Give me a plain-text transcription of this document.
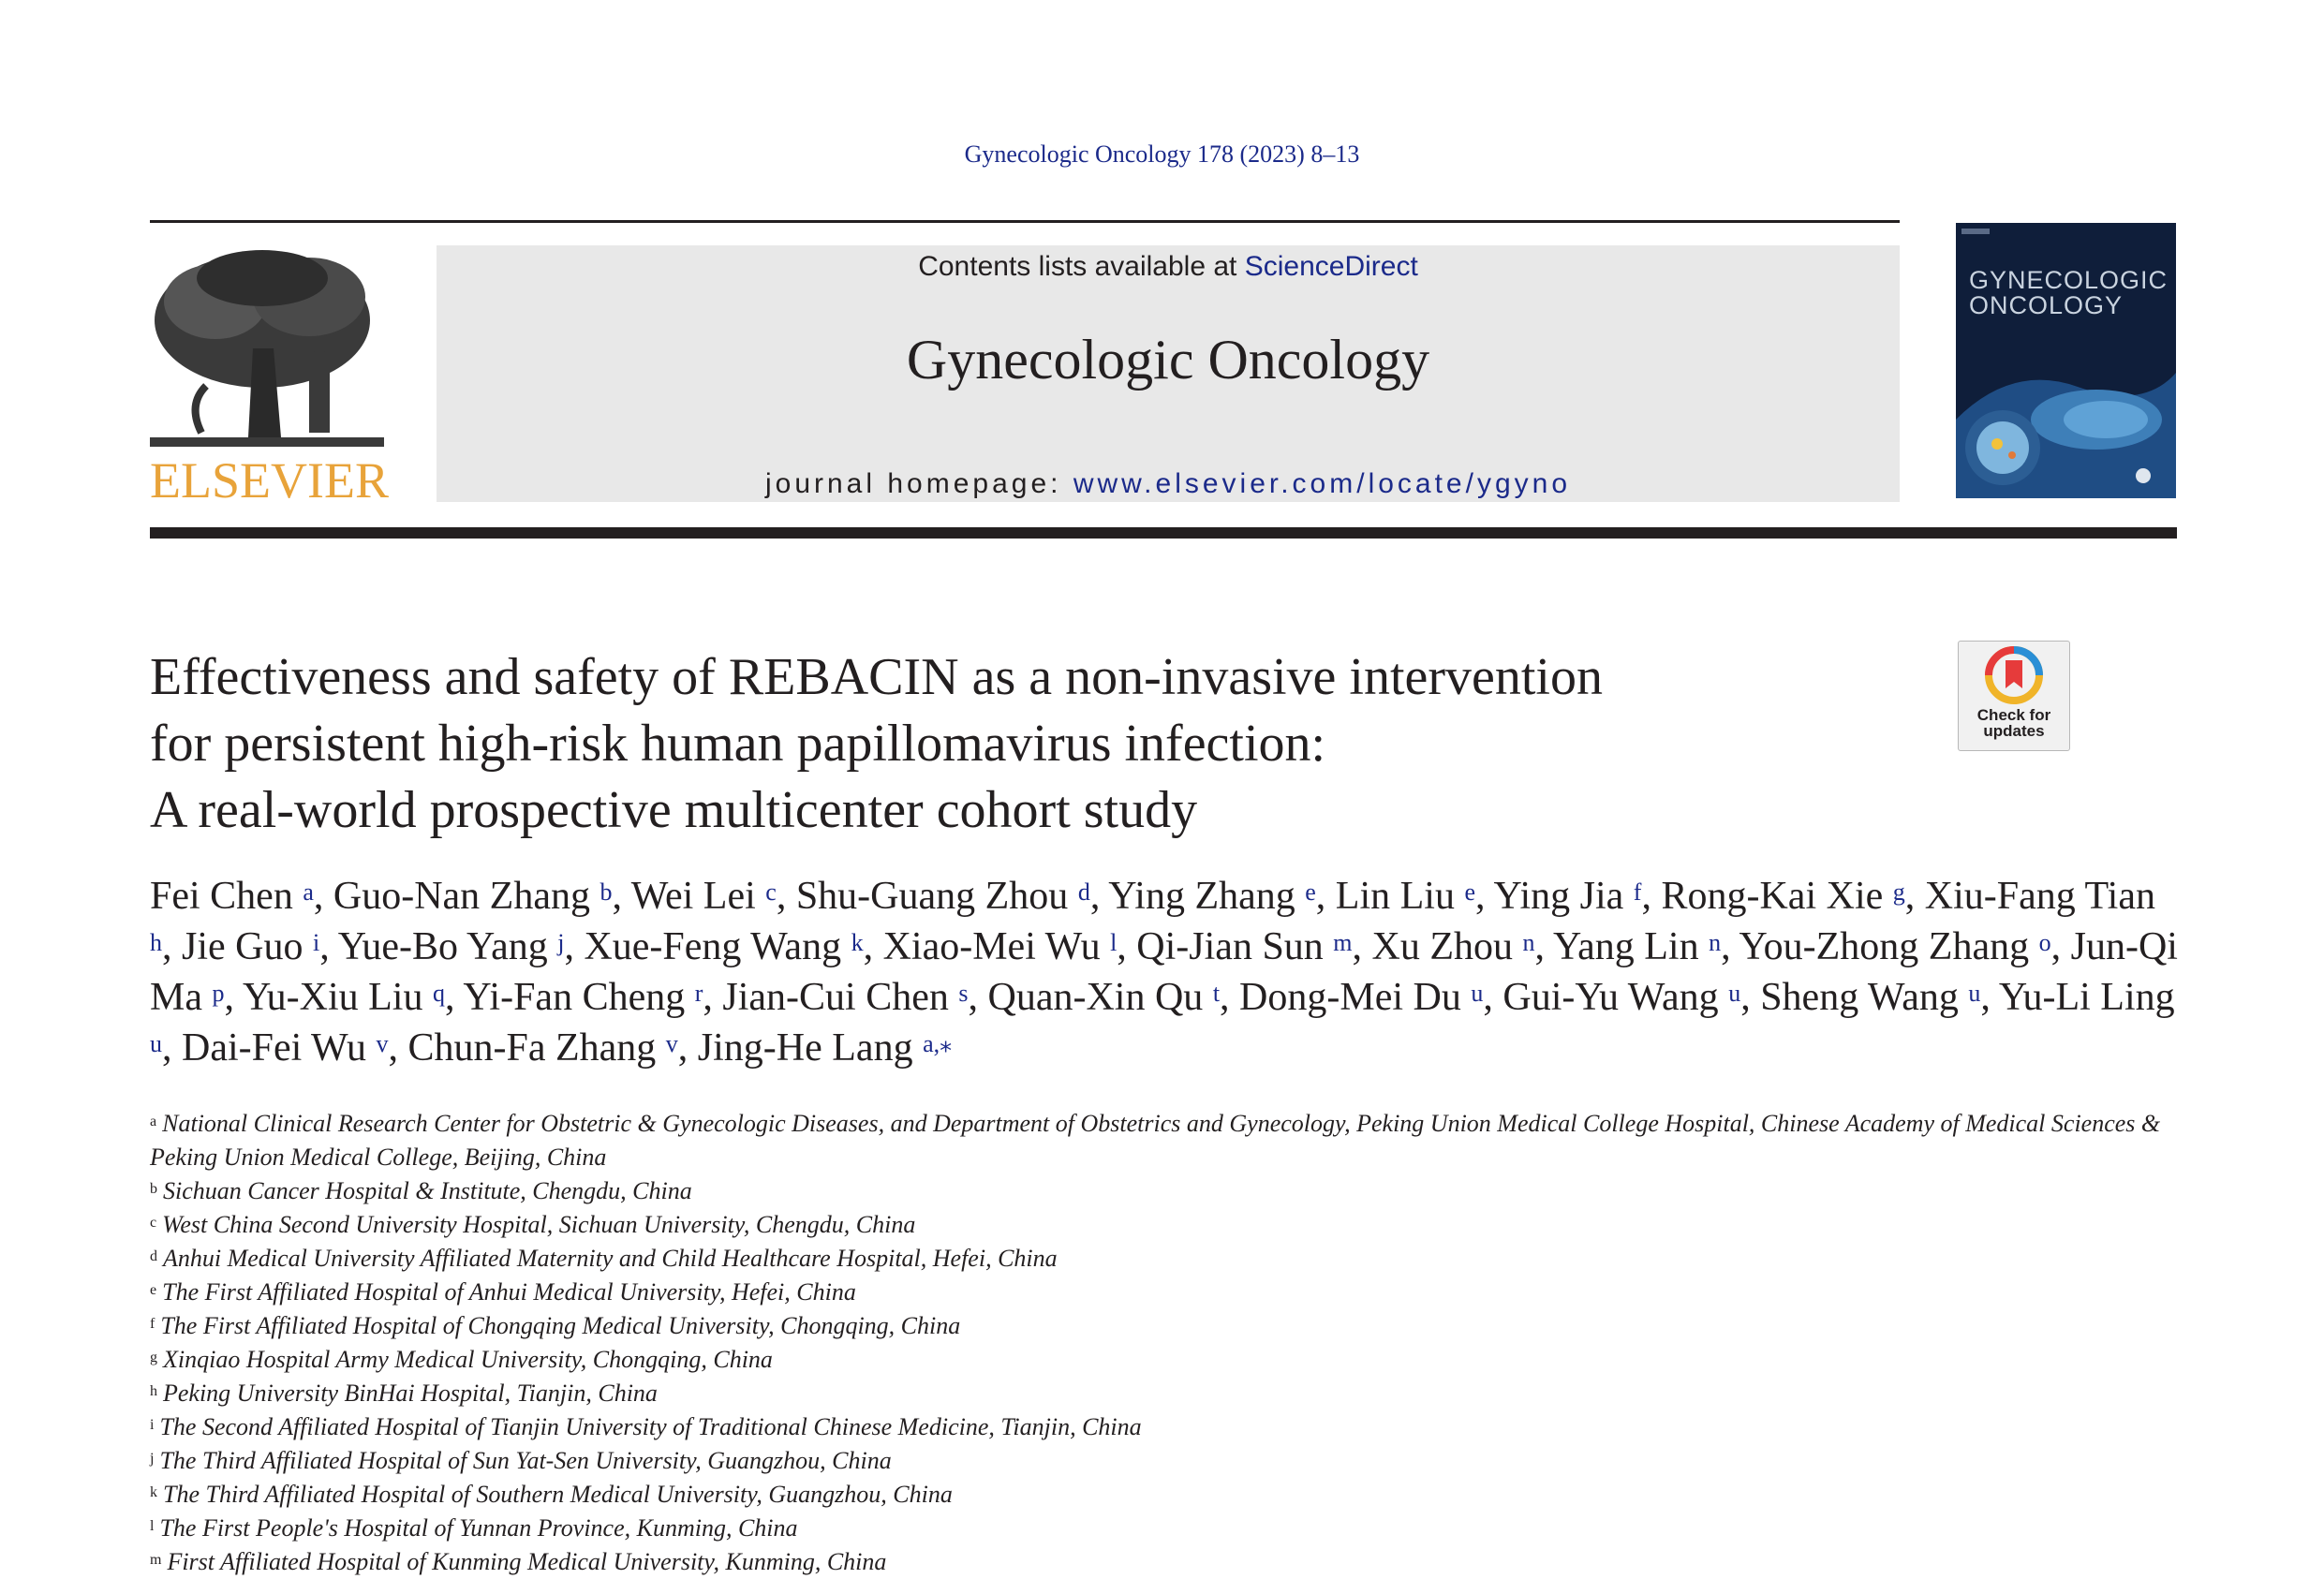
Gynecologic Oncology 178 (2023) 8–13
ELSEVIER
Contents lists available at ScienceDirect
Gynecologic Oncology
journal homepage: www.elsevier.com/locate/ygyno
GYNECOLOGIC
ONCOLOGY
Check for
updates
Effectiveness and safety of REBACIN as a non-invasive intervention
for persistent high-risk human papillomavirus infection:
A real-world prospective multicenter cohort study
Fei Chen $^a$, Guo-Nan Zhang $^b$, Wei Lei $^c$, Shu-Guang Zhou $^d$, Ying Zhang $^e$, Lin Liu $^e$, Ying Jia $^f$, Rong-Kai Xie $^g$, Xiu-Fang Tian $^h$, Jie Guo $^i$, Yue-Bo Yang $^j$, Xue-Feng Wang $^k$, Xiao-Mei Wu $^l$, Qi-Jian Sun $^m$, Xu Zhou $^n$, Yang Lin $^n$, You-Zhong Zhang $^o$, Jun-Qi Ma $^p$, Yu-Xiu Liu $^q$, Yi-Fan Cheng $^r$, Jian-Cui Chen $^s$, Quan-Xin Qu $^t$, Dong-Mei Du $^u$, Gui-Yu Wang $^u$, Sheng Wang $^u$, Yu-Li Ling $^u$, Dai-Fei Wu $^v$, Chun-Fa Zhang $^v$, Jing-He Lang $^{a,⁎}$
$^a$ National Clinical Research Center for Obstetric & Gynecologic Diseases, and Department of Obstetrics and Gynecology, Peking Union Medical College Hospital, Chinese Academy of Medical Sciences & Peking Union Medical College, Beijing, China
$^b$ Sichuan Cancer Hospital & Institute, Chengdu, China
$^c$ West China Second University Hospital, Sichuan University, Chengdu, China
$^d$ Anhui Medical University Affiliated Maternity and Child Healthcare Hospital, Hefei, China
$^e$ The First Affiliated Hospital of Anhui Medical University, Hefei, China
$^f$ The First Affiliated Hospital of Chongqing Medical University, Chongqing, China
$^g$ Xinqiao Hospital Army Medical University, Chongqing, China
$^h$ Peking University BinHai Hospital, Tianjin, China
$^i$ The Second Affiliated Hospital of Tianjin University of Traditional Chinese Medicine, Tianjin, China
$^j$ The Third Affiliated Hospital of Sun Yat-Sen University, Guangzhou, China
$^k$ The Third Affiliated Hospital of Southern Medical University, Guangzhou, China
$^l$ The First People's Hospital of Yunnan Province, Kunming, China
$^m$ First Affiliated Hospital of Kunming Medical University, Kunming, China
